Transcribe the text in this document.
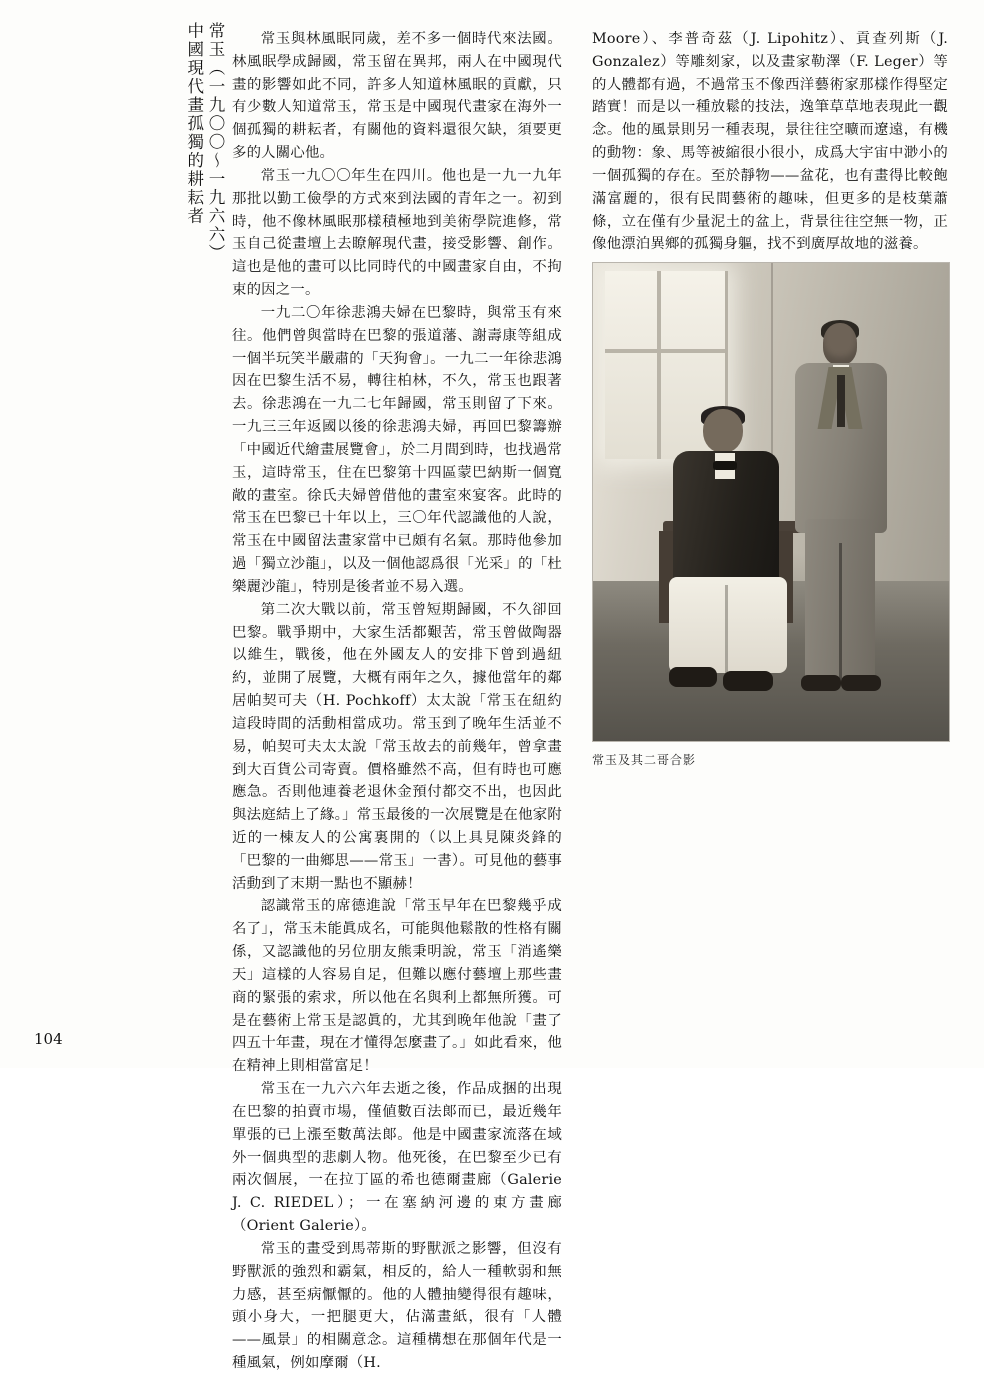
常玉（一九〇〇～一九六六）
中國現代畫孤獨的耕耘者	常玉與林風眠同歲，差不多一個時代來法國。林風眠學成歸國，常玉留在異邦，兩人在中國現代畫的影響如此不同，許多人知道林風眠的貢獻，只有少數人知道常玉，常玉是中國現代畫家在海外一個孤獨的耕耘者，有關他的資料還很欠缺，須要更多的人關心他。

常玉一九〇〇年生在四川。他也是一九一九年那批以勤工儉學的方式來到法國的青年之一。初到時，他不像林風眠那樣積極地到美術學院進修，常玉自己從畫壇上去瞭解現代畫，接受影響、創作。這也是他的畫可以比同時代的中國畫家自由，不拘束的因之一。

一九二〇年徐悲鴻夫婦在巴黎時，與常玉有來往。他們曾與當時在巴黎的張道藩、謝壽康等組成一個半玩笑半嚴肅的「天狗會」。一九二一年徐悲鴻因在巴黎生活不易，轉往柏林，不久，常玉也跟著去。徐悲鴻在一九二七年歸國，常玉則留了下來。一九三三年返國以後的徐悲鴻夫婦，再回巴黎籌辦「中國近代繪畫展覽會」，於二月間到時，也找過常玉，這時常玉，住在巴黎第十四區蒙巴納斯一個寬敞的畫室。徐氏夫婦曾借他的畫室來宴客。此時的常玉在巴黎已十年以上，三〇年代認識他的人說，常玉在中國留法畫家當中已頗有名氣。那時他參加過「獨立沙龍」，以及一個他認爲很「光采」的「杜樂麗沙龍」，特別是後者並不易入選。

第二次大戰以前，常玉曾短期歸國，不久卻回巴黎。戰爭期中，大家生活都艱苦，常玉曾做陶器以維生，戰後，他在外國友人的安排下曾到過紐約，並開了展覽，大概有兩年之久，據他當年的鄰居帕契可夫（H. Pochkoff）太太說「常玉在紐約這段時間的活動相當成功。常玉到了晚年生活並不易，帕契可夫太太說「常玉故去的前幾年，曾拿畫到大百貨公司寄賣。價格雖然不高，但有時也可應應急。否則他連養老退休金預付都交不出，也因此與法庭結上了緣。」常玉最後的一次展覽是在他家附近的一棟友人的公寓裏開的（以上具見陳炎鋒的「巴黎的一曲鄉思——常玉」一書）。可見他的藝事活動到了末期一點也不顯赫！

認識常玉的席德進說「常玉早年在巴黎幾乎成名了」，常玉未能眞成名，可能與他鬆散的性格有關係，又認識他的另位朋友熊秉明說，常玉「消遙樂天」這樣的人容易自足，但難以應付藝壇上那些畫商的緊張的索求，所以他在名與利上都無所獲。可是在藝術上常玉是認眞的，尤其到晚年他說「畫了四五十年畫，現在才懂得怎麼畫了。」如此看來，他在精神上則相當富足！

常玉在一九六六年去逝之後，作品成捆的出現在巴黎的拍賣市場，僅値數百法郞而已，最近幾年單張的已上漲至數萬法郞。他是中國畫家流落在域外一個典型的悲劇人物。他死後，在巴黎至少已有兩次個展，一在拉丁區的希也德爾畫廊（Galerie J. C. RIEDEL）；一在塞納河邊的東方畫廊（Orient Galerie）。

常玉的畫受到馬蒂斯的野獸派之影響，但沒有野獸派的強烈和霸氣，相反的，給人一種軟弱和無力感，甚至病懨懨的。他的人體抽變得很有趣味，頭小身大，一把腿更大，佔滿畫紙，很有「人體——風景」的相關意念。這種構想在那個年代是一種風氣，例如摩爾（H.

Moore）、李普奇茲（J. Lipohitz）、貢查列斯（J. Gonzalez）等雕刻家，以及畫家勒澤（F. Leger）等的人體都有過，不過常玉不像西洋藝術家那樣作得堅定踏實！而是以一種放鬆的技法，逸筆草草地表現此一觀念。他的風景則另一種表現，景往往空曠而遼遠，有機的動物：象、馬等被縮很小很小，成爲大宇宙中渺小的一個孤獨的存在。至於靜物——盆花，也有畫得比較飽滿富麗的，很有民間藝術的趣味，但更多的是枝葉蕭條，立在僅有少量泥土的盆上，背景往往空無一物，正像他漂泊異鄉的孤獨身軀，找不到廣厚故地的滋養。

常玉及其二哥合影
104
